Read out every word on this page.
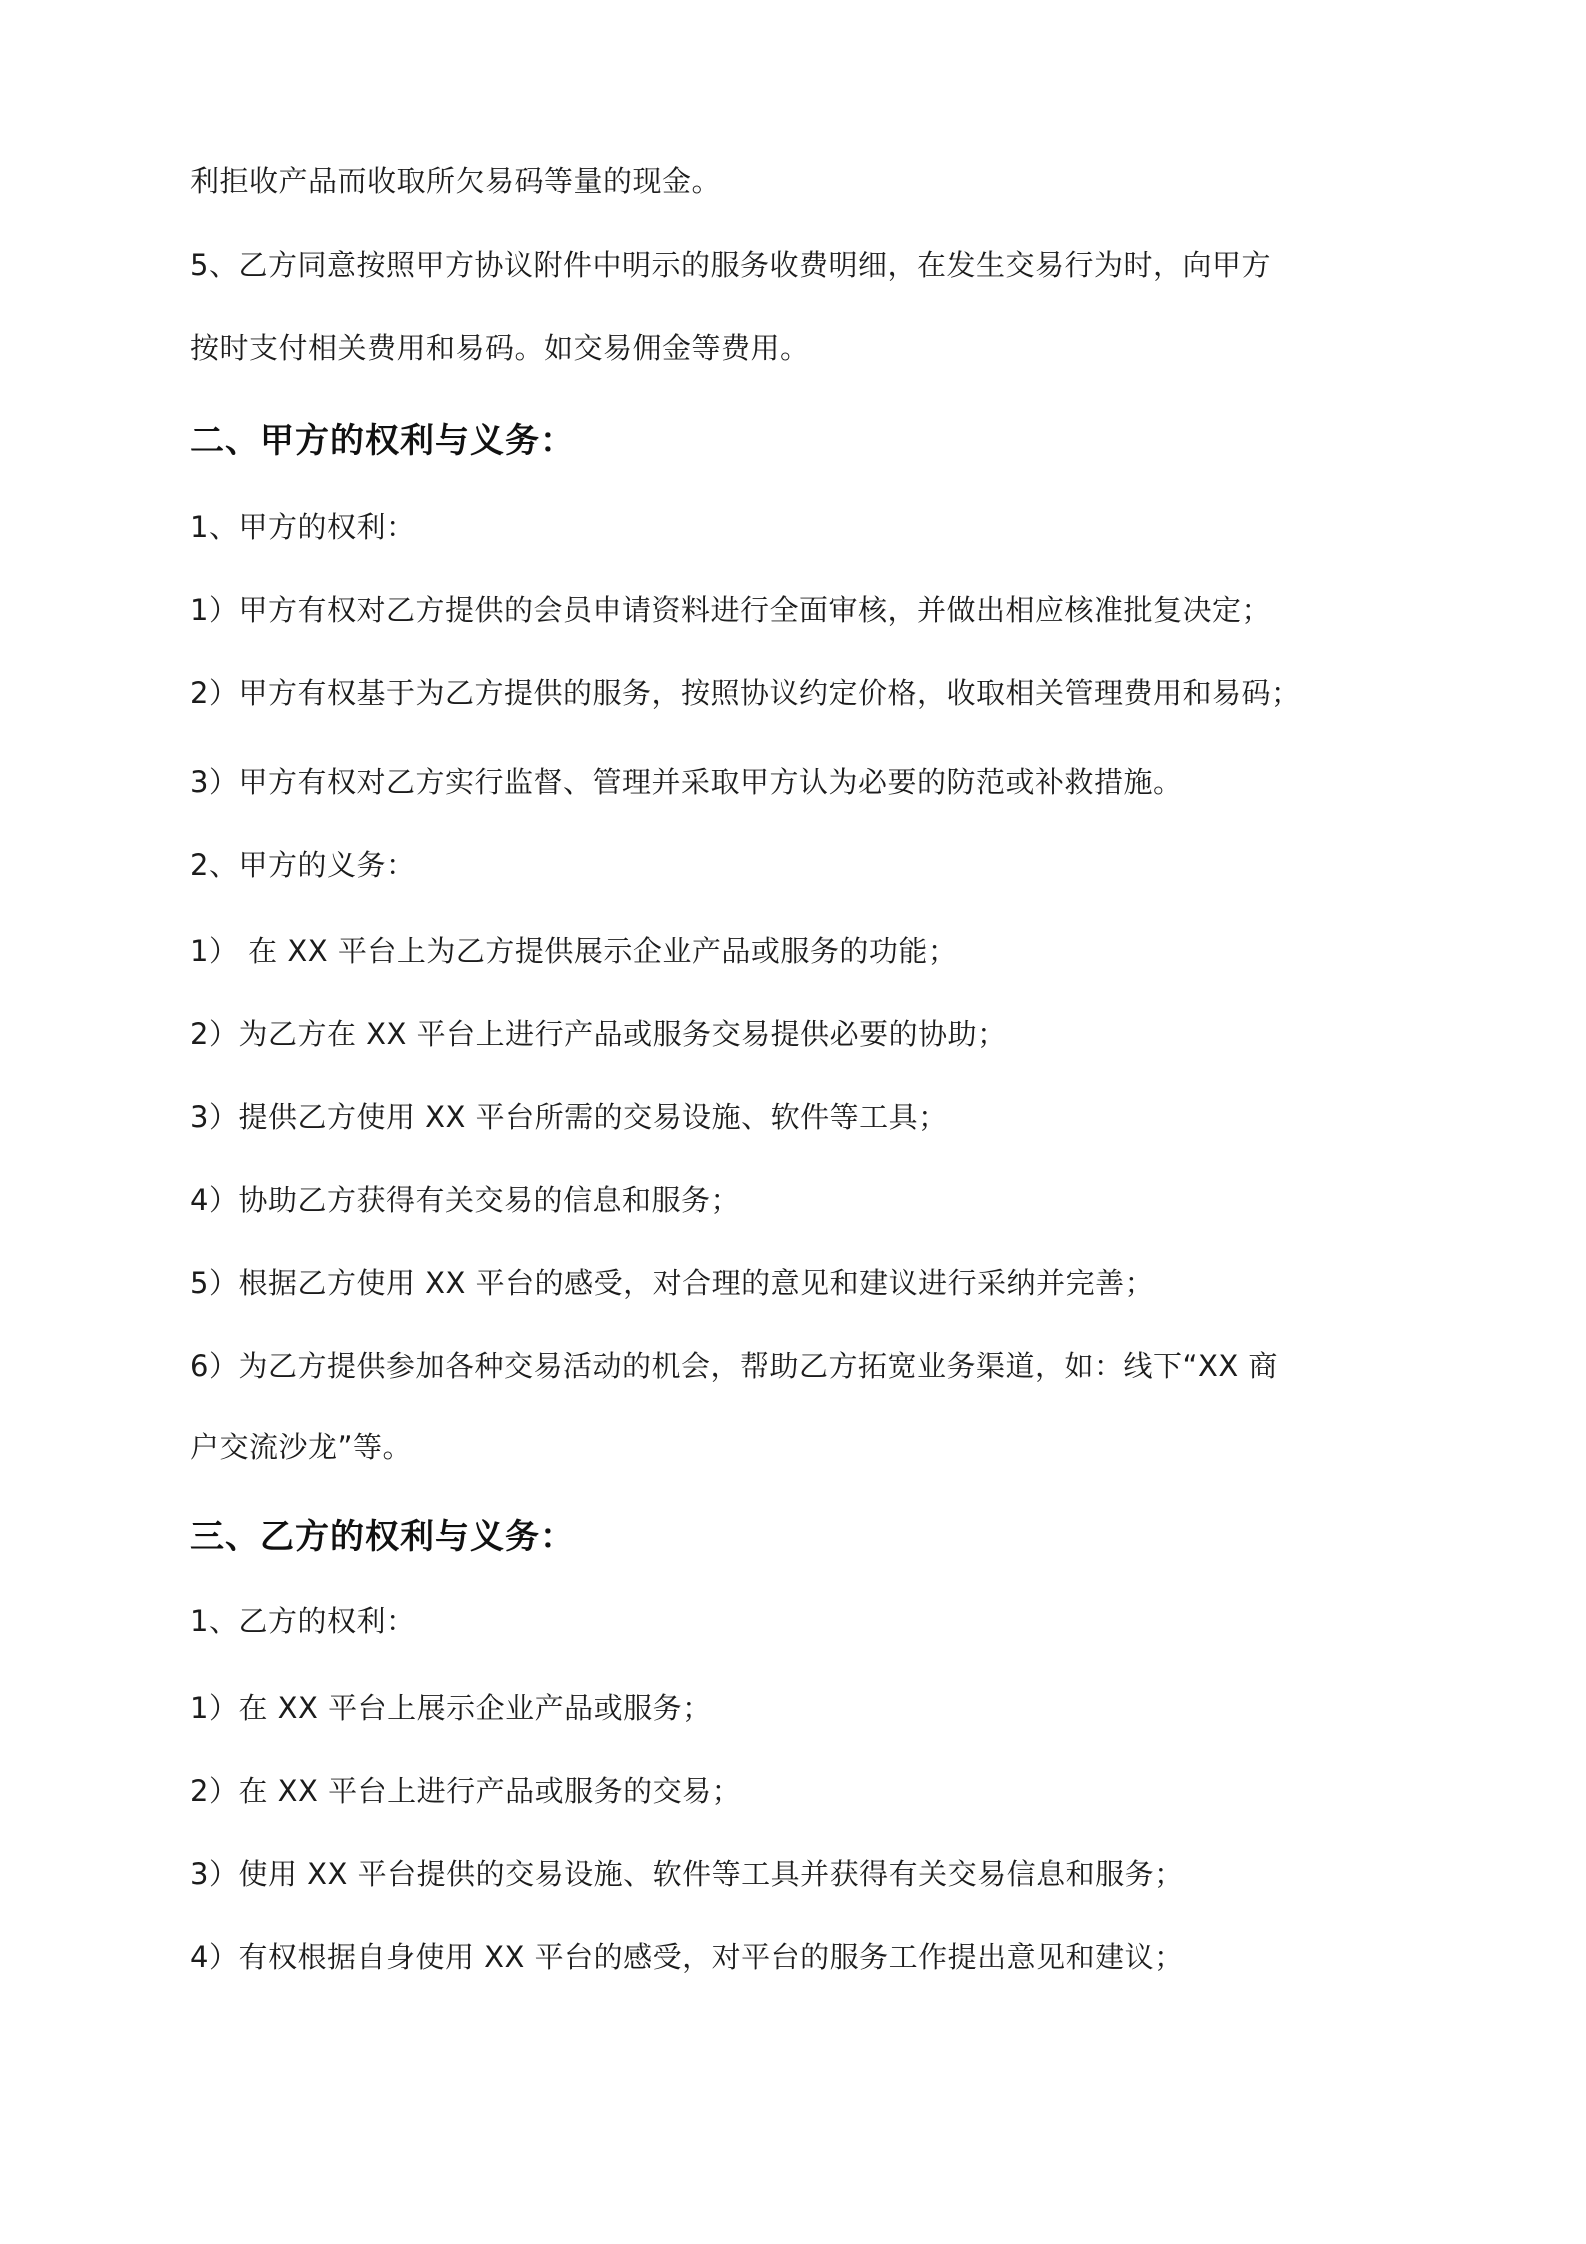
利拒收产品而收取所欠易码等量的现金。
5、乙方同意按照甲方协议附件中明示的服务收费明细，在发生交易行为时，向甲方
按时支付相关费用和易码。如交易佣金等费用。
二、甲方的权利与义务：
1、甲方的权利：
1）甲方有权对乙方提供的会员申请资料进行全面审核，并做出相应核准批复决定；
2）甲方有权基于为乙方提供的服务，按照协议约定价格，收取相关管理费用和易码；
3）甲方有权对乙方实行监督、管理并采取甲方认为必要的防范或补救措施。
2、甲方的义务：
1） 在 XX 平台上为乙方提供展示企业产品或服务的功能；
2）为乙方在 XX 平台上进行产品或服务交易提供必要的协助；
3）提供乙方使用 XX 平台所需的交易设施、软件等工具；
4）协助乙方获得有关交易的信息和服务；
5）根据乙方使用 XX 平台的感受，对合理的意见和建议进行采纳并完善；
6）为乙方提供参加各种交易活动的机会，帮助乙方拓宽业务渠道，如：线下“XX 商
户交流沙龙”等。
三、乙方的权利与义务：
1、乙方的权利：
1）在 XX 平台上展示企业产品或服务；
2）在 XX 平台上进行产品或服务的交易；
3）使用 XX 平台提供的交易设施、软件等工具并获得有关交易信息和服务；
4）有权根据自身使用 XX 平台的感受，对平台的服务工作提出意见和建议；
